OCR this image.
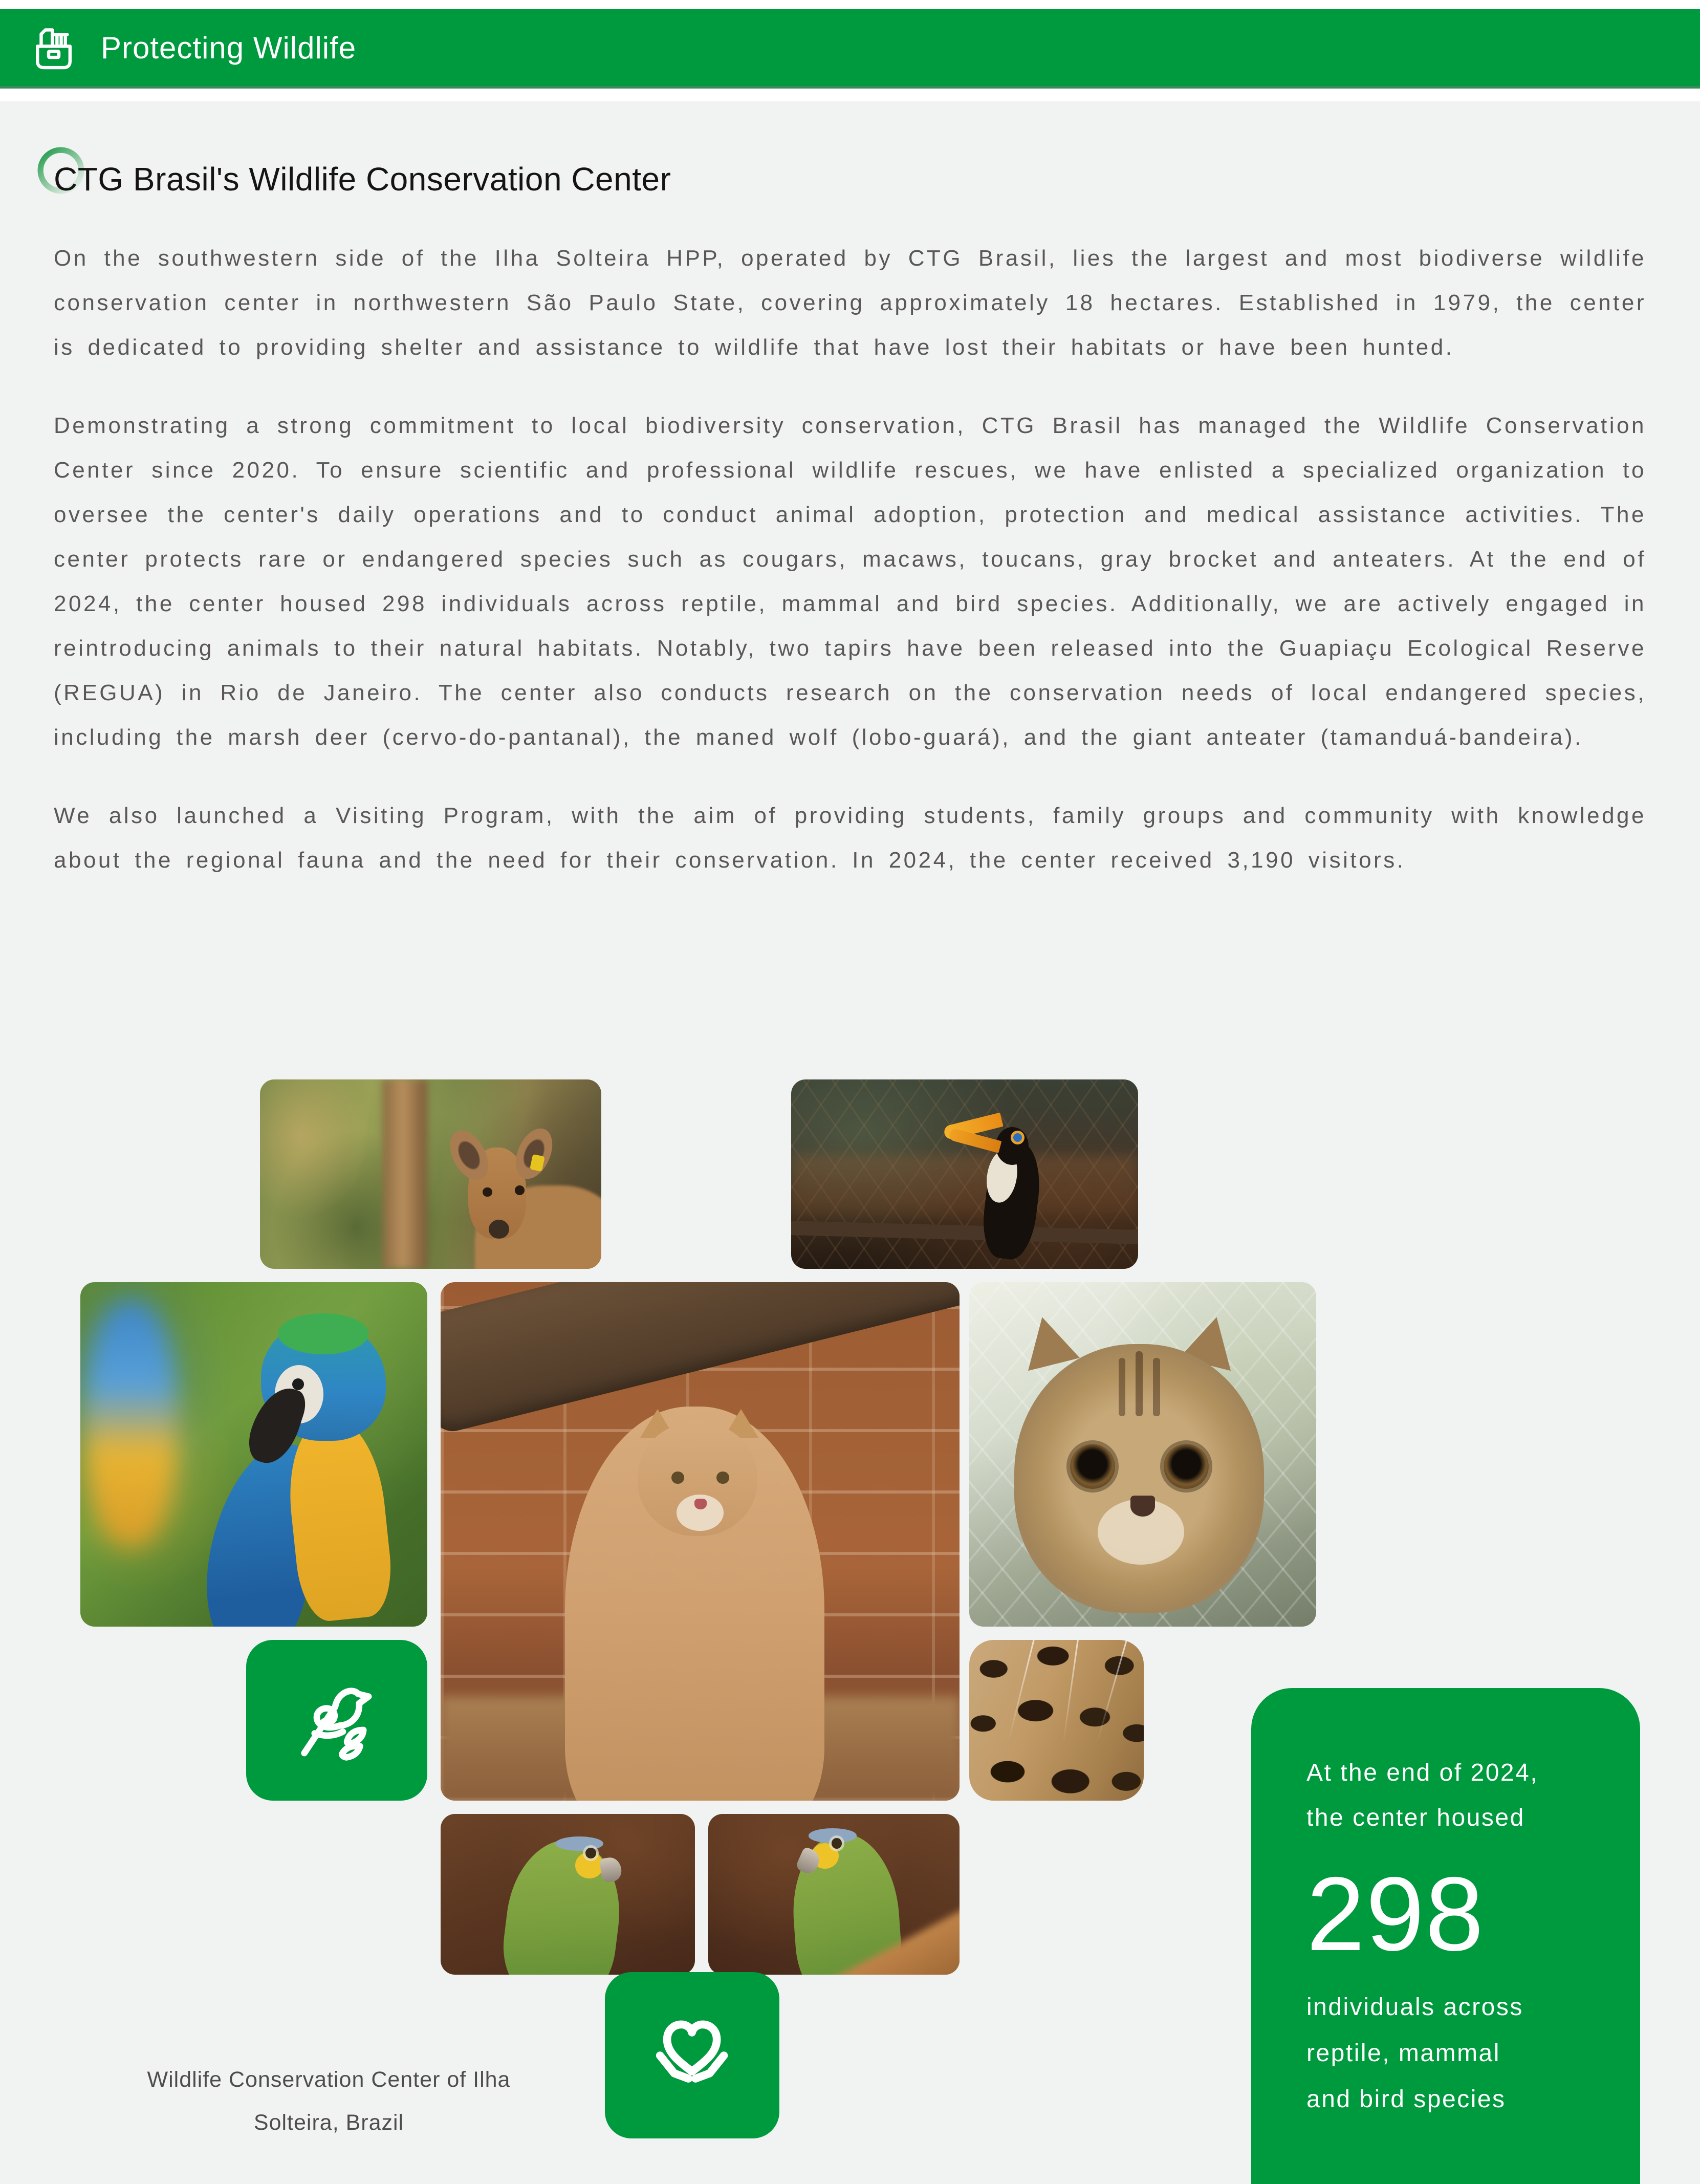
Protecting Wildlife
CTG Brasil's Wildlife Conservation Center

On the southwestern side of the Ilha Solteira HPP, operated by CTG Brasil, lies the largest and most biodiverse wildlife conservation center in northwestern São Paulo State, covering approximately 18 hectares. Established in 1979, the center is dedicated to providing shelter and assistance to wildlife that have lost their habitats or have been hunted.

Demonstrating a strong commitment to local biodiversity conservation, CTG Brasil has managed the Wildlife Conservation Center since 2020. To ensure scientific and professional wildlife rescues, we have enlisted a specialized organization to oversee the center's daily operations and to conduct animal adoption, protection and medical assistance activities. The center protects rare or endangered species such as cougars, macaws, toucans, gray brocket and anteaters. At the end of 2024, the center housed 298 individuals across reptile, mammal and bird species. Additionally, we are actively engaged in reintroducing animals to their natural habitats. Notably, two tapirs have been released into the Guapiaçu Ecological Reserve (REGUA) in Rio de Janeiro. The center also conducts research on the conservation needs of local endangered species, including the marsh deer (cervo-do-pantanal), the maned wolf (lobo-guará), and the giant anteater (tamanduá-bandeira).

We also launched a Visiting Program, with the aim of providing students, family groups and community with knowledge about the regional fauna and the need for their conservation. In 2024, the center received 3,190 visitors.

Wildlife Conservation Center of Ilha
Solteira, Brazil
At the end of 2024,
the center housed
298
individuals across
reptile, mammal
and bird species
